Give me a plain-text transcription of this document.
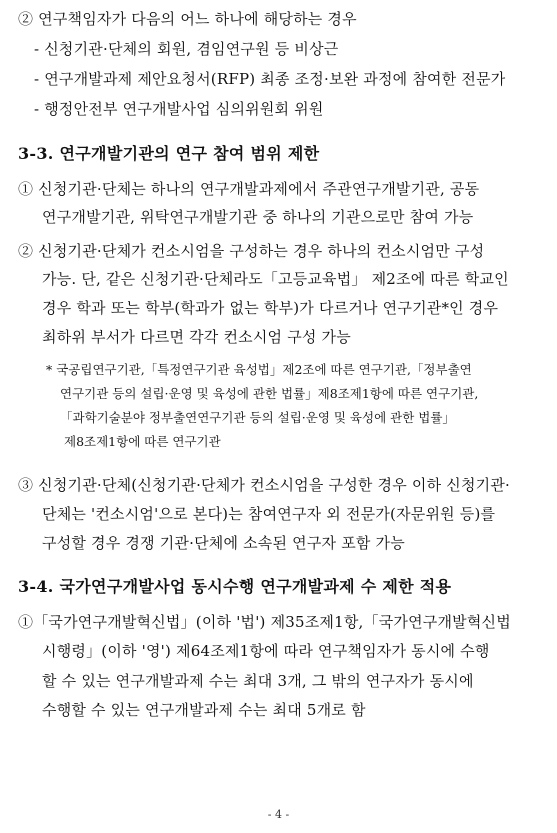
② 연구책임자가 다음의 어느 하나에 해당하는 경우
- 신청기관·단체의 회원, 겸임연구원 등 비상근
- 연구개발과제 제안요청서(RFP) 최종 조정·보완 과정에 참여한 전문가
- 행정안전부 연구개발사업 심의위원회 위원
3-3. 연구개발기관의 연구 참여 범위 제한
① 신청기관·단체는 하나의 연구개발과제에서 주관연구개발기관, 공동
연구개발기관, 위탁연구개발기관 중 하나의 기관으로만 참여 가능
② 신청기관·단체가 컨소시엄을 구성하는 경우 하나의 컨소시엄만 구성
가능. 단, 같은 신청기관·단체라도「고등교육법」 제2조에 따른 학교인
경우 학과 또는 학부(학과가 없는 학부)가 다르거나 연구기관*인 경우
최하위 부서가 다르면 각각 컨소시엄 구성 가능
* 국공립연구기관,「특정연구기관 육성법」제2조에 따른 연구기관,「정부출연
연구기관 등의 설립·운영 및 육성에 관한 법률」제8조제1항에 따른 연구기관,
「과학기술분야 정부출연연구기관 등의 설립·운영 및 육성에 관한 법률」
제8조제1항에 따른 연구기관
③ 신청기관·단체(신청기관·단체가 컨소시엄을 구성한 경우 이하 신청기관·
단체는 '컨소시엄'으로 본다)는 참여연구자 외 전문가(자문위원 등)를
구성할 경우 경쟁 기관·단체에 소속된 연구자 포함 가능
3-4. 국가연구개발사업 동시수행 연구개발과제 수 제한 적용
①「국가연구개발혁신법」(이하 '법') 제35조제1항,「국가연구개발혁신법
시행령」(이하 '영') 제64조제1항에 따라 연구책임자가 동시에 수행
할 수 있는 연구개발과제 수는 최대 3개, 그 밖의 연구자가 동시에
수행할 수 있는 연구개발과제 수는 최대 5개로 함
- 4 -
